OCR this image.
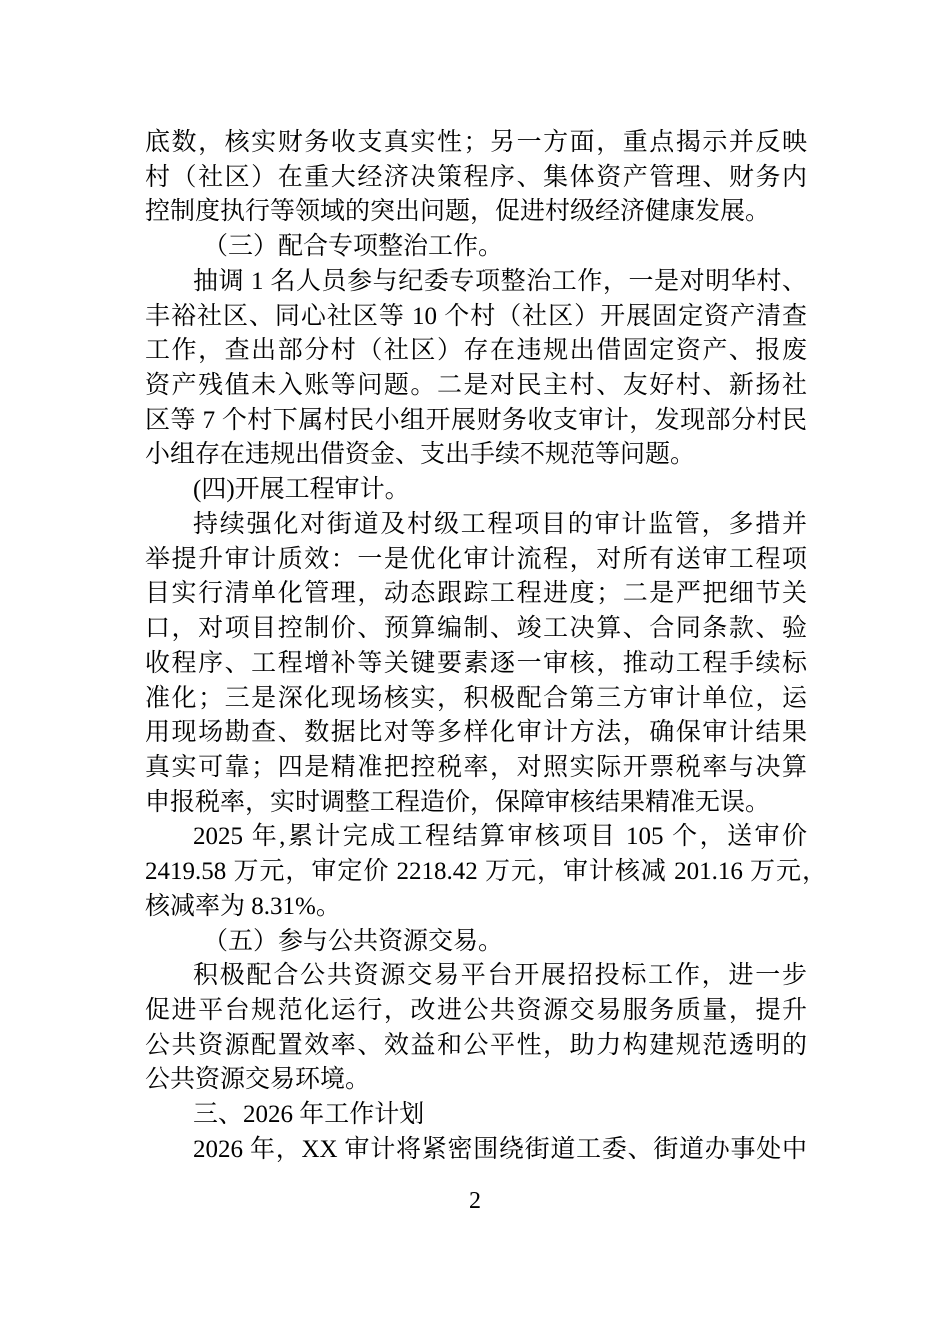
底数，核实财务收支真实性；另一方面，重点揭示并反映
村（社区）在重大经济决策程序、集体资产管理、财务内
控制度执行等领域的突出问题，促进村级经济健康发展。
（三）配合专项整治工作。
抽调 1 名人员参与纪委专项整治工作，一是对明华村、
丰裕社区、同心社区等 10 个村（社区）开展固定资产清查
工作，查出部分村（社区）存在违规出借固定资产、报废
资产残值未入账等问题。二是对民主村、友好村、新扬社
区等 7 个村下属村民小组开展财务收支审计，发现部分村民
小组存在违规出借资金、支出手续不规范等问题。
(四)开展工程审计。
持续强化对街道及村级工程项目的审计监管，多措并
举提升审计质效：一是优化审计流程，对所有送审工程项
目实行清单化管理，动态跟踪工程进度；二是严把细节关
口，对项目控制价、预算编制、竣工决算、合同条款、验
收程序、工程增补等关键要素逐一审核，推动工程手续标
准化；三是深化现场核实，积极配合第三方审计单位，运
用现场勘查、数据比对等多样化审计方法，确保审计结果
真实可靠；四是精准把控税率，对照实际开票税率与决算
申报税率，实时调整工程造价，保障审核结果精准无误。
2025 年,累计完成工程结算审核项目 105 个，送审价
2419.58 万元，审定价 2218.42 万元，审计核减 201.16 万元，
核减率为 8.31%。
（五）参与公共资源交易。
积极配合公共资源交易平台开展招投标工作，进一步
促进平台规范化运行，改进公共资源交易服务质量，提升
公共资源配置效率、效益和公平性，助力构建规范透明的
公共资源交易环境。
三、2026 年工作计划
2026 年，XX 审计将紧密围绕街道工委、街道办事处中
2
